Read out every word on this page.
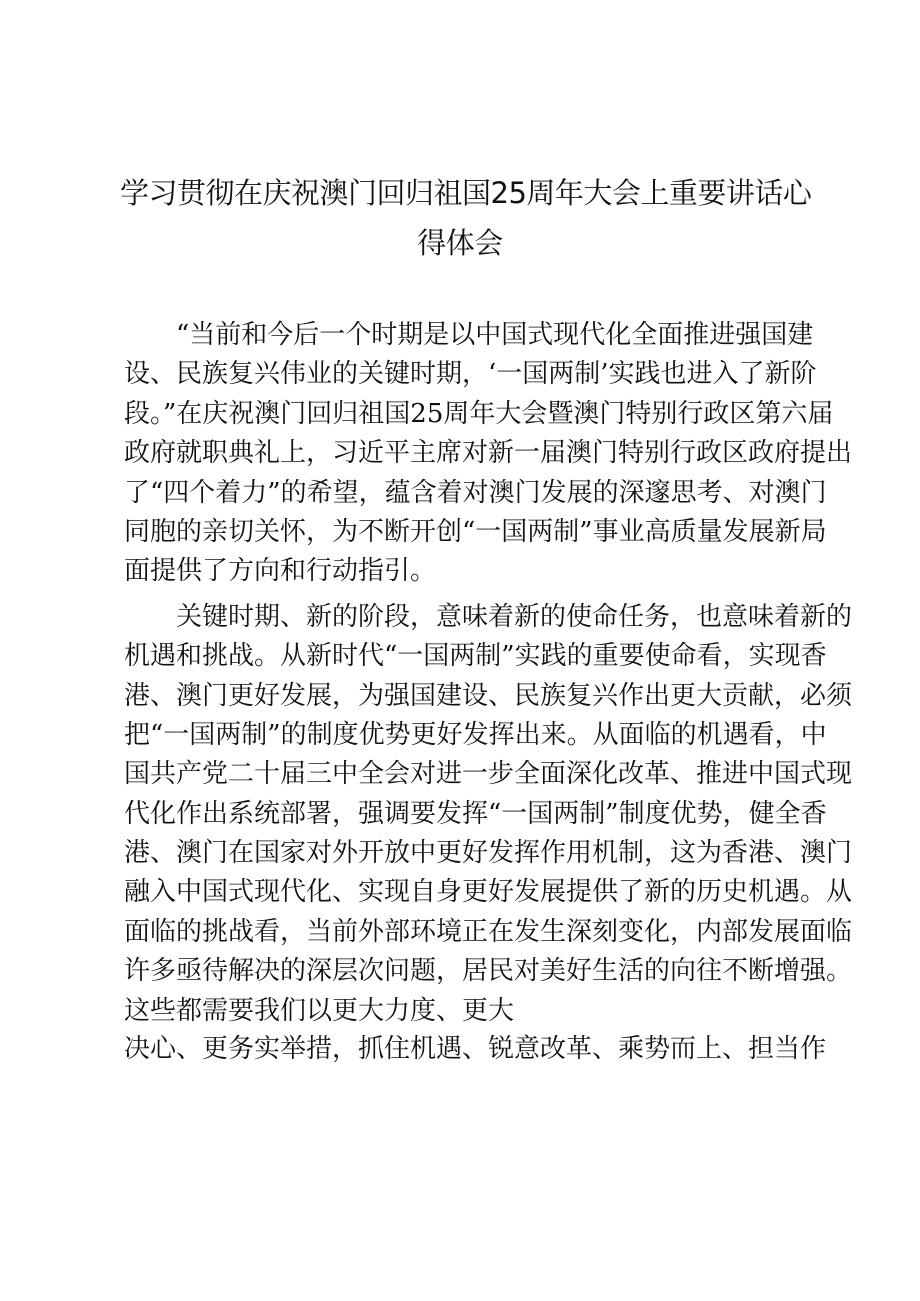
学习贯彻在庆祝澳门回归祖国25周年大会上重要讲话心
得体会
“当前和今后一个时期是以中国式现代化全面推进强国建
设、民族复兴伟业的关键时期，‘一国两制’实践也进入了新阶
段。”在庆祝澳门回归祖国25周年大会暨澳门特别行政区第六届
政府就职典礼上，习近平主席对新一届澳门特别行政区政府提出
了“四个着力”的希望，蕴含着对澳门发展的深邃思考、对澳门
同胞的亲切关怀，为不断开创“一国两制”事业高质量发展新局
面提供了方向和行动指引。
关键时期、新的阶段，意味着新的使命任务，也意味着新的
机遇和挑战。从新时代“一国两制”实践的重要使命看，实现香
港、澳门更好发展，为强国建设、民族复兴作出更大贡献，必须
把“一国两制”的制度优势更好发挥出来。从面临的机遇看，中
国共产党二十届三中全会对进一步全面深化改革、推进中国式现
代化作出系统部署，强调要发挥“一国两制”制度优势，健全香
港、澳门在国家对外开放中更好发挥作用机制，这为香港、澳门
融入中国式现代化、实现自身更好发展提供了新的历史机遇。从
面临的挑战看，当前外部环境正在发生深刻变化，内部发展面临
许多亟待解决的深层次问题，居民对美好生活的向往不断增强。
这些都需要我们以更大力度、更大
决心、更务实举措，抓住机遇、锐意改革、乘势而上、担当作
